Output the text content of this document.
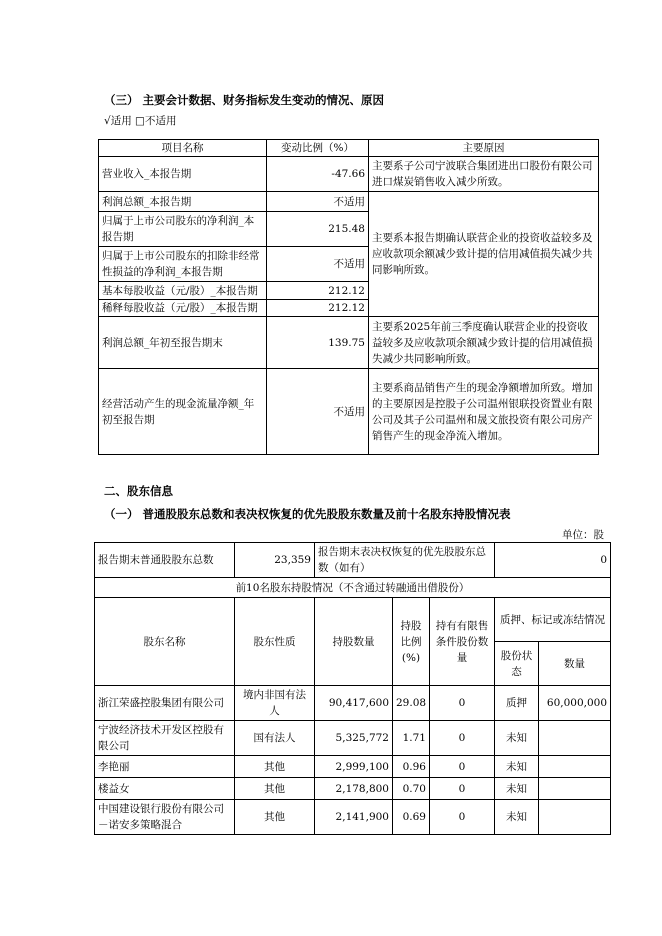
（三） 主要会计数据、财务指标发生变动的情况、原因
√适用 □不适用
项目名称	变动比例（%）	主要原因
营业收入_本报告期	-47.66	主要系子公司宁波联合集团进出口股份有限公司进口煤炭销售收入减少所致。
利润总额_本报告期	不适用	主要系本报告期确认联营企业的投资收益较多及应收款项余额减少致计提的信用减值损失减少共同影响所致。
归属于上市公司股东的净利润_本报告期	215.48	
归属于上市公司股东的扣除非经常性损益的净利润_本报告期	不适用	
基本每股收益（元/股）_本报告期	212.12	
稀释每股收益（元/股）_本报告期	212.12	
利润总额_年初至报告期末	139.75	主要系2025年前三季度确认联营企业的投资收益较多及应收款项余额减少致计提的信用减值损失减少共同影响所致。
经营活动产生的现金流量净额_年初至报告期	不适用	主要系商品销售产生的现金净额增加所致。增加的主要原因是控股子公司温州银联投资置业有限公司及其子公司温州和晟文旅投资有限公司房产销售产生的现金净流入增加。
二、股东信息
（一） 普通股股东总数和表决权恢复的优先股股东数量及前十名股东持股情况表
单位：股
报告期末普通股股东总数	23,359	报告期末表决权恢复的优先股股东总数（如有）			0	
前10名股东持股情况（不含通过转融通出借股份）						
股东名称	股东性质	持股数量	持股比例(%)	持有有限售条件股份数量	质押、标记或冻结情况	
					股份状态	数量
浙江荣盛控股集团有限公司	境内非国有法人	90,417,600	29.08	0	质押	60,000,000
宁波经济技术开发区控股有限公司	国有法人	5,325,772	1.71	0	未知	
李艳丽	其他	2,999,100	0.96	0	未知	
楼益女	其他	2,178,800	0.70	0	未知	
中国建设银行股份有限公司－诺安多策略混合	其他	2,141,900	0.69	0	未知	
